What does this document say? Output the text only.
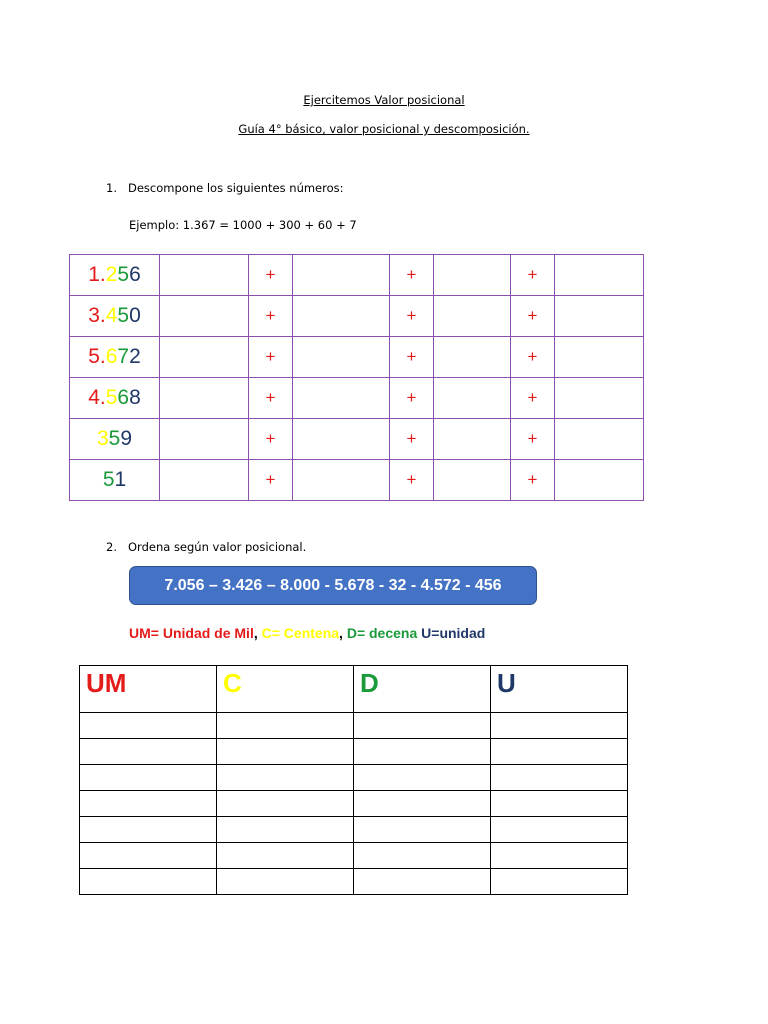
Ejercitemos Valor posicional
Guía 4° básico, valor posicional y descomposición.
1. Descompone los siguientes números:
Ejemplo: 1.367 = 1000 + 300 + 60 + 7
1.256		+		+		+	
3.450		+		+		+	
5.672		+		+		+	
4.568		+		+		+	
359		+		+		+	
51		+		+		+	
2. Ordena según valor posicional.
7.056 – 3.426 – 8.000 - 5.678 - 32 - 4.572 - 456
UM= Unidad de Mil, C= Centena, D= decena U=unidad
UM	C	D	U
